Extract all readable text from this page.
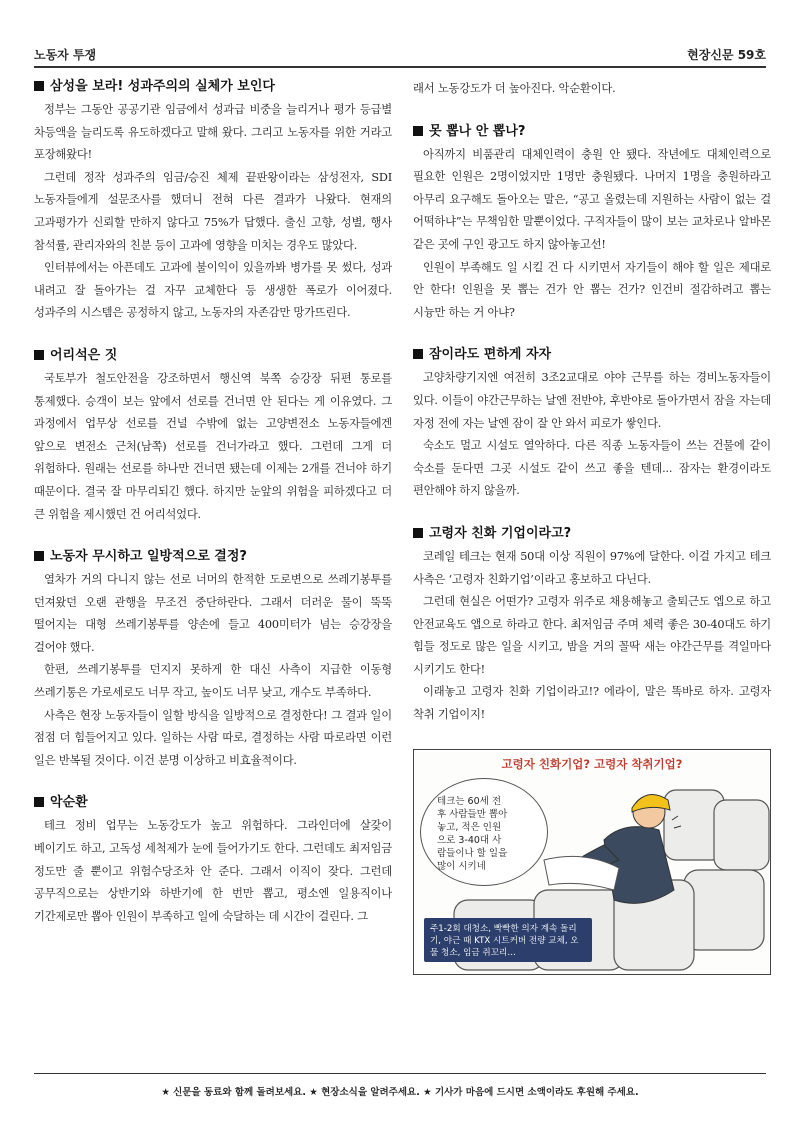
노동자 투쟁	현장신문 59호
삼성을 보라! 성과주의의 실체가 보인다

정부는 그동안 공공기관 임금에서 성과급 비중을 늘리거나 평가 등급별 차등액을 늘리도록 유도하겠다고 말해 왔다. 그리고 노동자를 위한 거라고 포장해왔다!

그런데 정작 성과주의 임금/승진 체제 끝판왕이라는 삼성전자, SDI 노동자들에게 설문조사를 했더니 전혀 다른 결과가 나왔다. 현재의 고과평가가 신뢰할 만하지 않다고 75%가 답했다. 출신 고향, 성별, 행사 참석률, 관리자와의 친분 등이 고과에 영향을 미치는 경우도 많았다.

인터뷰에서는 아픈데도 고과에 불이익이 있을까봐 병가를 못 썼다, 성과 내려고 잘 돌아가는 걸 자꾸 교체한다 등 생생한 폭로가 이어졌다. 성과주의 시스템은 공정하지 않고, 노동자의 자존감만 망가뜨린다.

어리석은 짓

국토부가 철도안전을 강조하면서 행신역 북쪽 승강장 뒤편 통로를 통제했다. 승객이 보는 앞에서 선로를 건너면 안 된다는 게 이유였다. 그 과정에서 업무상 선로를 건널 수밖에 없는 고양변전소 노동자들에겐 앞으로 변전소 근처(남쪽) 선로를 건너가라고 했다. 그런데 그게 더 위험하다. 원래는 선로를 하나만 건너면 됐는데 이제는 2개를 건너야 하기 때문이다. 결국 잘 마무리되긴 했다. 하지만 눈앞의 위험을 피하겠다고 더 큰 위험을 제시했던 건 어리석었다.

노동자 무시하고 일방적으로 결정?

열차가 거의 다니지 않는 선로 너머의 한적한 도로변으로 쓰레기봉투를 던져왔던 오랜 관행을 무조건 중단하란다. 그래서 더러운 물이 뚝뚝 떨어지는 대형 쓰레기봉투를 양손에 들고 400미터가 넘는 승강장을 걸어야 했다.

한편, 쓰레기봉투를 던지지 못하게 한 대신 사측이 지급한 이동형 쓰레기통은 가로세로도 너무 작고, 높이도 너무 낮고, 개수도 부족하다.

사측은 현장 노동자들이 일할 방식을 일방적으로 결정한다! 그 결과 일이 점점 더 힘들어지고 있다. 일하는 사람 따로, 결정하는 사람 따로라면 이런 일은 반복될 것이다. 이건 분명 이상하고 비효율적이다.

악순환

테크 정비 업무는 노동강도가 높고 위험하다. 그라인더에 살갗이 베이기도 하고, 고독성 세척제가 눈에 들어가기도 한다. 그런데도 최저임금 정도만 줄 뿐이고 위험수당조차 안 준다. 그래서 이직이 잦다. 그런데 공무직으로는 상반기와 하반기에 한 번만 뽑고, 평소엔 일용직이나 기간제로만 뽑아 인원이 부족하고 일에 숙달하는 데 시간이 걸린다. 그

래서 노동강도가 더 높아진다. 악순환이다.

못 뽑나 안 뽑나?

아직까지 비품관리 대체인력이 충원 안 됐다. 작년에도 대체인력으로 필요한 인원은 2명이었지만 1명만 충원됐다. 나머지 1명을 충원하라고 아무리 요구해도 돌아오는 말은, “공고 올렸는데 지원하는 사람이 없는 걸 어떡하냐”는 무책임한 말뿐이었다. 구직자들이 많이 보는 교차로나 알바몬 같은 곳에 구인 광고도 하지 않아놓고선!

인원이 부족해도 일 시킬 건 다 시키면서 자기들이 해야 할 일은 제대로 안 한다! 인원을 못 뽑는 건가 안 뽑는 건가? 인건비 절감하려고 뽑는 시늉만 하는 거 아냐?

잠이라도 편하게 자자

고양차량기지엔 여전히 3조2교대로 야야 근무를 하는 경비노동자들이 있다. 이들이 야간근무하는 날엔 전반야, 후반야로 돌아가면서 잠을 자는데 자정 전에 자는 날엔 잠이 잘 안 와서 피로가 쌓인다.

숙소도 멀고 시설도 열악하다. 다른 직종 노동자들이 쓰는 건물에 같이 숙소를 둔다면 그곳 시설도 같이 쓰고 좋을 텐데... 잠자는 환경이라도 편안해야 하지 않을까.

고령자 친화 기업이라고?

코레일 테크는 현재 50대 이상 직원이 97%에 달한다. 이걸 가지고 테크 사측은 ‘고령자 친화기업’이라고 홍보하고 다닌다.

그런데 현실은 어떤가? 고령자 위주로 채용해놓고 출퇴근도 엡으로 하고 안전교육도 앱으로 하라고 한다. 최저임금 주며 체력 좋은 30-40대도 하기 힘들 정도로 많은 일을 시키고, 밤을 거의 꼴딱 새는 야간근무를 격일마다 시키기도 한다!

이래놓고 고령자 친화 기업이라고!? 에라이, 말은 똑바로 하자. 고령자 착취 기업이지!

고령자 친화기업? 고령자 착취기업?
테크는 60세 전
후 사람들만 뽑아
놓고, 적은 인원
으로 3-40대 사
람들이나 할 일을
많이 시키네
주1-2회 대청소, 빡빡한 의자 계속 돌리기, 야근 때 KTX 시트커버 전량 교체, 오물 청소, 임금 쥐꼬리…
★ 신문을 동료와 함께 돌려보세요. ★ 현장소식을 알려주세요. ★ 기사가 마음에 드시면 소액이라도 후원해 주세요.
